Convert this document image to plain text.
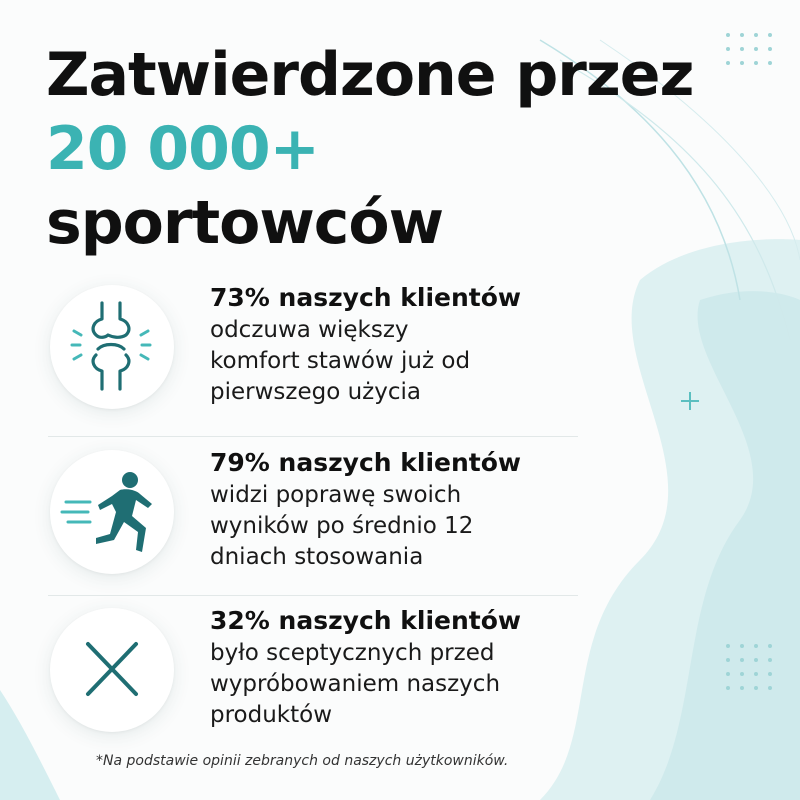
Zatwierdzone przez
20 000+
sportowców
73% naszych klientów
odczuwa większy
komfort stawów już od
pierwszego użycia
79% naszych klientów
widzi poprawę swoich
wyników po średnio 12
dniach stosowania
32% naszych klientów
było sceptycznych przed
wypróbowaniem naszych
produktów
*Na podstawie opinii zebranych od naszych użytkowników.
